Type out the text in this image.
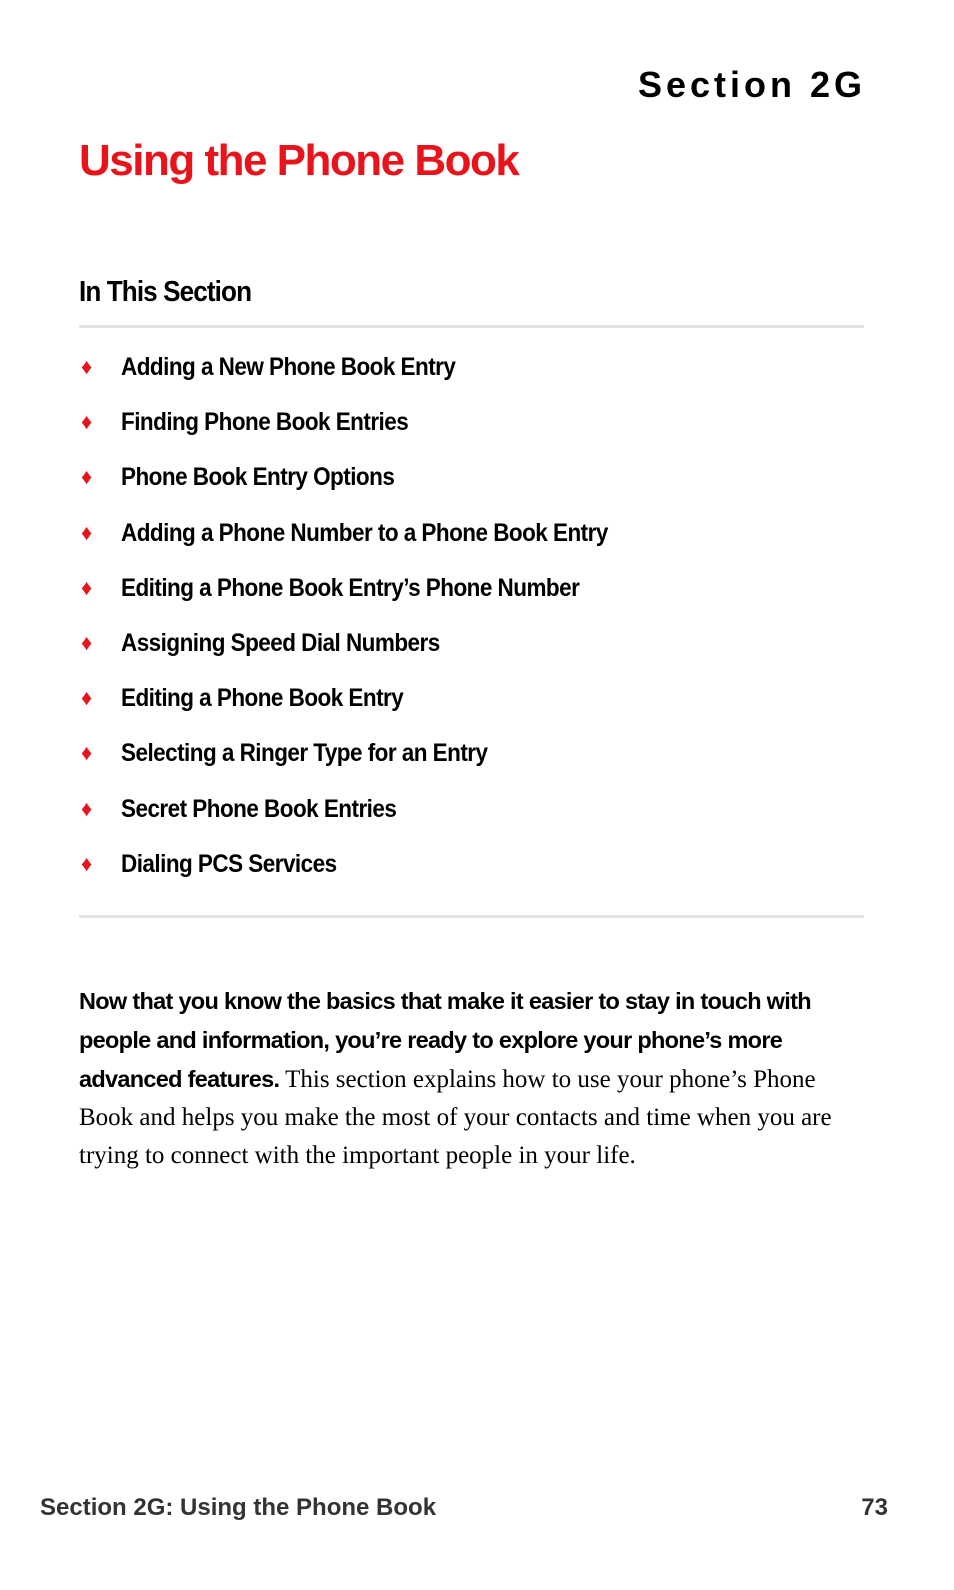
Section 2G
Using the Phone Book
In This Section
♦	Adding a New Phone Book Entry
♦	Finding Phone Book Entries
♦	Phone Book Entry Options
♦	Adding a Phone Number to a Phone Book Entry
♦	Editing a Phone Book Entry’s Phone Number
♦	Assigning Speed Dial Numbers
♦	Editing a Phone Book Entry
♦	Selecting a Ringer Type for an Entry
♦	Secret Phone Book Entries
♦	Dialing PCS Services

Now that you know the basics that make it easier to stay in touch with people and information, you’re ready to explore your phone’s more advanced features. This section explains how to use your phone’s Phone Book and helps you make the most of your contacts and time when you are trying to connect with the important people in your life.

Section 2G: Using the Phone Book	73
